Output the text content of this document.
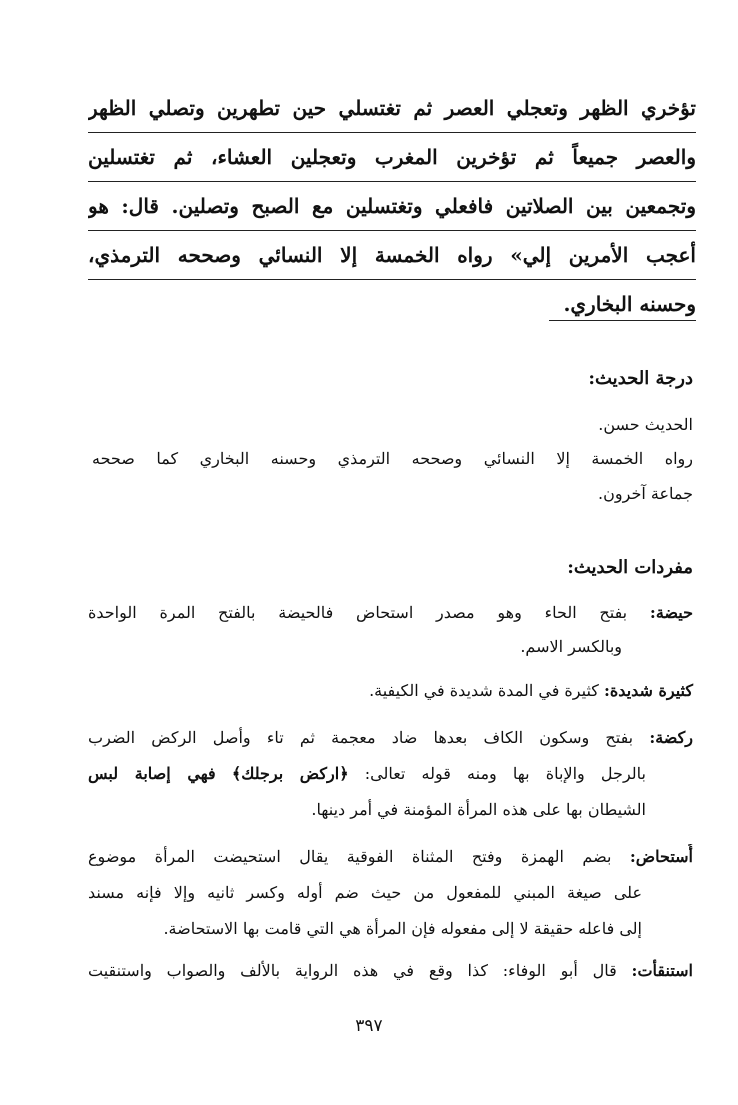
تؤخري الظهر وتعجلي العصر ثم تغتسلي حين تطهرين وتصلي الظهر
والعصر جميعاً ثم تؤخرين المغرب وتعجلين العشاء، ثم تغتسلين
وتجمعين بين الصلاتين فافعلي وتغتسلين مع الصبح وتصلين. قال: هو
أعجب الأمرين إلي» رواه الخمسة إلا النسائي وصححه الترمذي،
وحسنه البخاري.
درجة الحديث:
الحديث حسن.
رواه الخمسة إلا النسائي وصححه الترمذي وحسنه البخاري كما صححه
جماعة آخرون.
مفردات الحديث:
حيضة: بفتح الحاء وهو مصدر استحاض فالحيضة بالفتح المرة الواحدة
وبالكسر الاسم.
كثيرة شديدة: كثيرة في المدة شديدة في الكيفية.
ركضة: بفتح وسكون الكاف بعدها ضاد معجمة ثم تاء وأصل الركض الضرب
بالرجل والإباة بها ومنه قوله تعالى: ﴿اركض برجلك﴾ فهي إصابة لبس
الشيطان بها على هذه المرأة المؤمنة في أمر دينها.
أُستحاض: بضم الهمزة وفتح المثناة الفوقية يقال استحيضت المرأة موضوع
على صيغة المبني للمفعول من حيث ضم أوله وكسر ثانيه وإلا فإنه مسند
إلى فاعله حقيقة لا إلى مفعوله فإن المرأة هي التي قامت بها الاستحاضة.
استنقأت: قال أبو الوفاء: كذا وقع في هذه الرواية بالألف والصواب واستنقيت
٣٩٧
